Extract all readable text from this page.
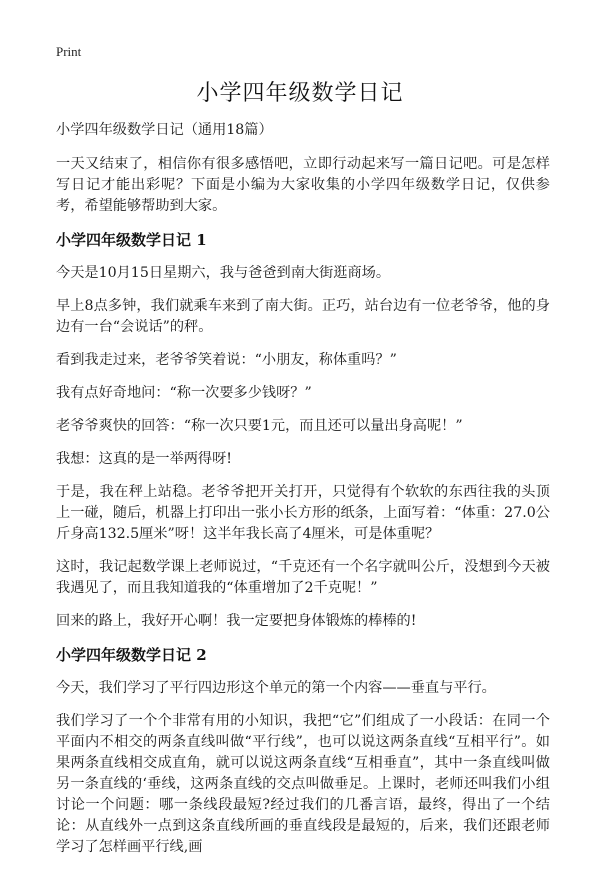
Print
小学四年级数学日记

小学四年级数学日记（通用18篇）

一天又结束了，相信你有很多感悟吧，立即行动起来写一篇日记吧。可是怎样写日记才能出彩呢？下面是小编为大家收集的小学四年级数学日记，仅供参考，希望能够帮助到大家。

小学四年级数学日记 1

今天是10月15日星期六，我与爸爸到南大街逛商场。

早上8点多钟，我们就乘车来到了南大街。正巧，站台边有一位老爷爷，他的身边有一台“会说话”的秤。

看到我走过来，老爷爷笑着说：“小朋友，称体重吗？”

我有点好奇地问：“称一次要多少钱呀？”

老爷爷爽快的回答：“称一次只要1元，而且还可以量出身高呢！”

我想：这真的是一举两得呀!

于是，我在秤上站稳。老爷爷把开关打开，只觉得有个软软的东西往我的头顶上一碰，随后，机器上打印出一张小长方形的纸条，上面写着：“体重：27.0公斤身高132.5厘米”呀！这半年我长高了4厘米，可是体重呢？

这时，我记起数学课上老师说过，“千克还有一个名字就叫公斤，没想到今天被我遇见了，而且我知道我的“体重增加了2千克呢！”

回来的路上，我好开心啊！我一定要把身体锻炼的棒棒的!

小学四年级数学日记 2

今天，我们学习了平行四边形这个单元的第一个内容——垂直与平行。

我们学习了一个个非常有用的小知识，我把“它”们组成了一小段话：在同一个平面内不相交的两条直线叫做“平行线”，也可以说这两条直线“互相平行”。如果两条直线相交成直角，就可以说这两条直线“互相垂直”，其中一条直线叫做另一条直线的‘垂线，这两条直线的交点叫做垂足。上课时，老师还叫我们小组讨论一个问题：哪一条线段最短?经过我们的几番言语，最终，得出了一个结论：从直线外一点到这条直线所画的垂直线段是最短的，后来，我们还跟老师学习了怎样画平行线,画
